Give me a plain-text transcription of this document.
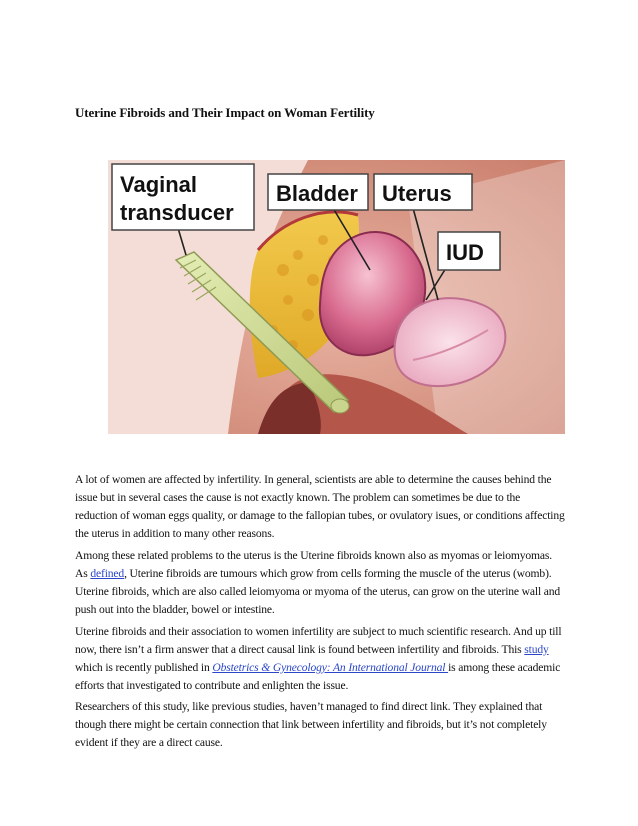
Uterine Fibroids and Their Impact on Woman Fertility
Vaginal
transducer
Bladder Uterus
IUD

A lot of women are affected by infertility. In general, scientists are able to determine the causes behind the issue but in several cases the cause is not exactly known. The problem can sometimes be due to the reduction of woman eggs quality, or damage to the fallopian tubes, or ovulatory isues, or conditions affecting the uterus in addition to many other reasons.

Among these related problems to the uterus is the Uterine fibroids known also as myomas or leiomyomas. As defined, Uterine fibroids are tumours which grow from cells forming the muscle of the uterus (womb). Uterine fibroids, which are also called leiomyoma or myoma of the uterus, can grow on the uterine wall and push out into the bladder, bowel or intestine.

Uterine fibroids and their association to women infertility are subject to much scientific research. And up till now, there isn’t a firm answer that a direct causal link is found between infertility and fibroids. This study which is recently published in Obstetrics & Gynecology: An International Journal is among these academic efforts that investigated to contribute and enlighten the issue.

Researchers of this study, like previous studies, haven’t managed to find direct link. They explained that though there might be certain connection that link between infertility and fibroids, but it’s not completely evident if they are a direct cause.
